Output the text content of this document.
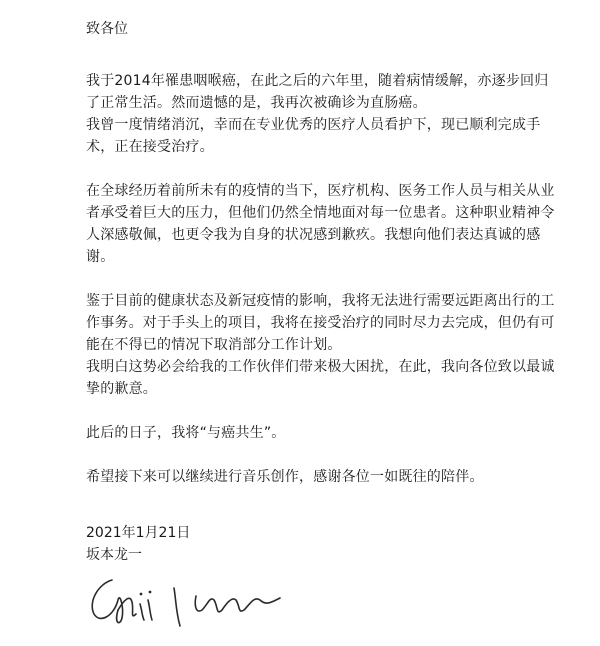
致各位

我于2014年罹患咽喉癌，在此之后的六年里，随着病情缓解，亦逐步回归了正常生活。然而遗憾的是，我再次被确诊为直肠癌。

我曾一度情绪消沉，幸而在专业优秀的医疗人员看护下，现已顺利完成手术，正在接受治疗。

在全球经历着前所未有的疫情的当下，医疗机构、医务工作人员与相关从业者承受着巨大的压力，但他们仍然全情地面对每一位患者。这种职业精神令人深感敬佩，也更令我为自身的状况感到歉疚。我想向他们表达真诚的感谢。

鉴于目前的健康状态及新冠疫情的影响，我将无法进行需要远距离出行的工作事务。对于手头上的项目，我将在接受治疗的同时尽力去完成，但仍有可能在不得已的情况下取消部分工作计划。

我明白这势必会给我的工作伙伴们带来极大困扰，在此，我向各位致以最诚挚的歉意。

此后的日子，我将“与癌共生”。

希望接下来可以继续进行音乐创作，感谢各位一如既往的陪伴。

2021年1月21日
坂本龙一
